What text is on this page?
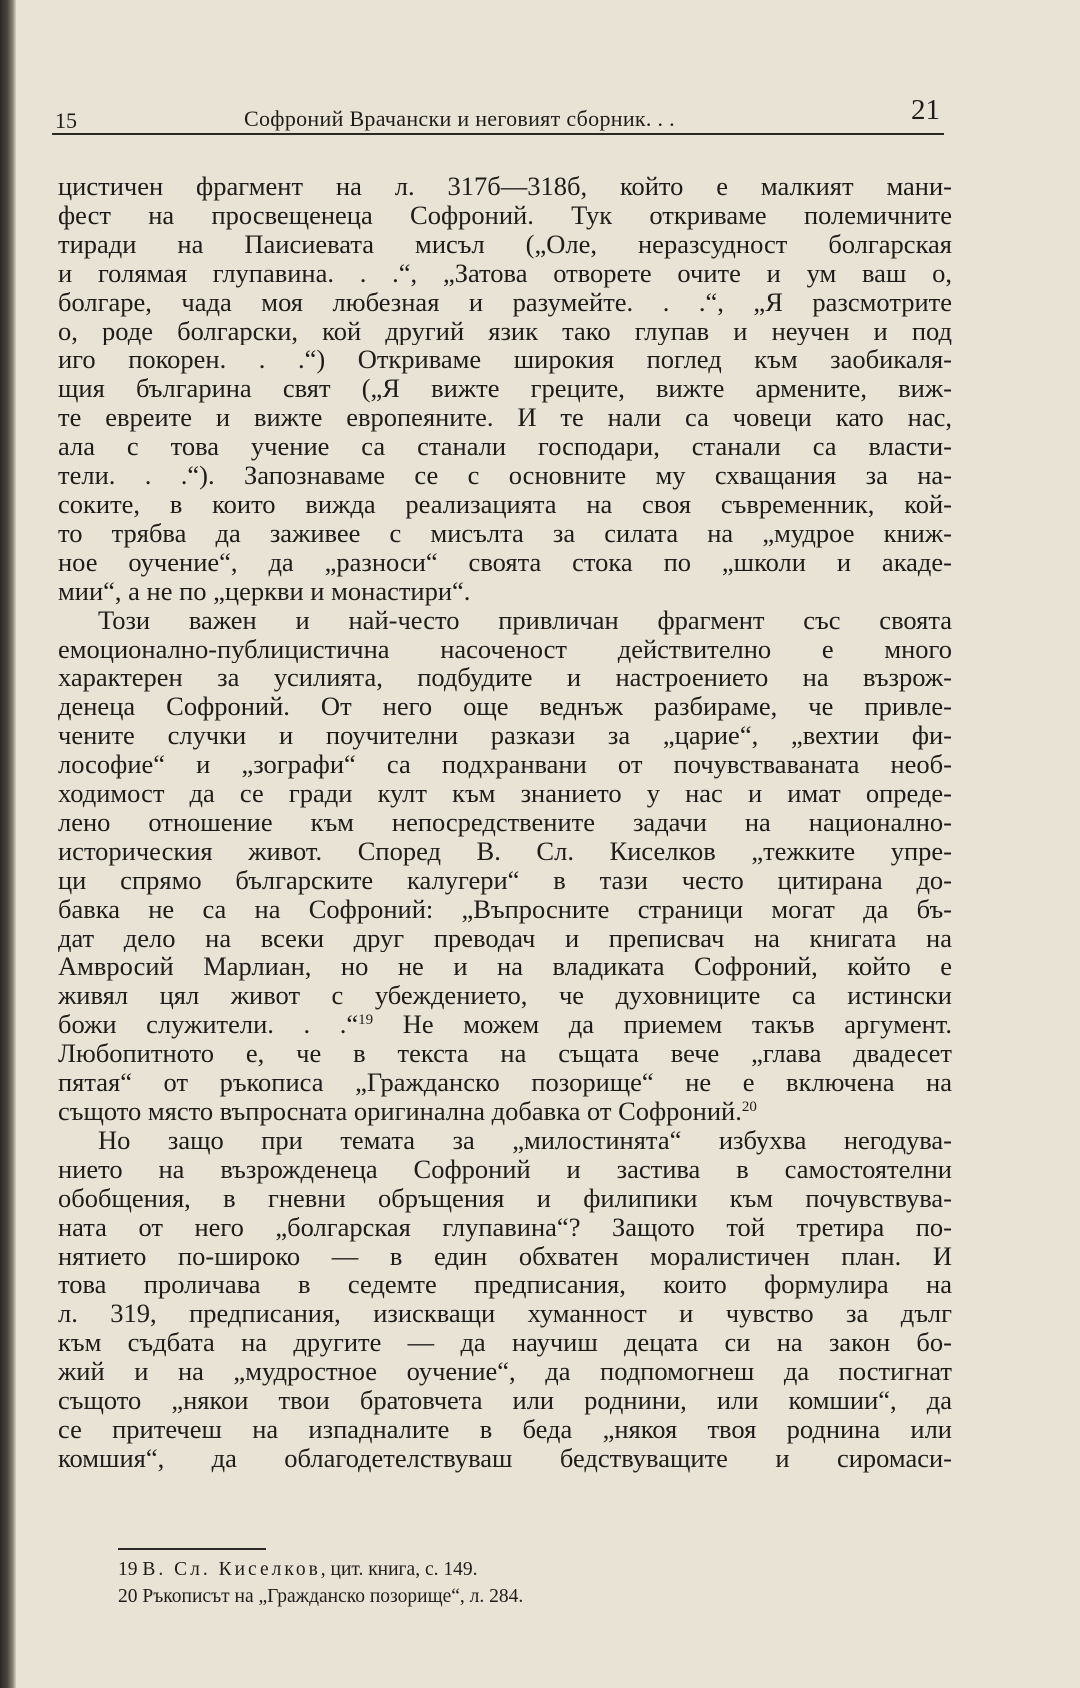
15	Софроний Врачански и неговият сборник. . .	21
цистичен фрагмент на л. 317б—318б, който е малкият мани-
фест на просвещенеца Софроний. Тук откриваме полемичните
тиради на Паисиевата мисъл („Оле, неразсудност болгарская
и голямая глупавина. . .“, „Затова отворете очите и ум ваш о,
болгаре, чада моя любезная и разумейте. . .“, „Я разсмотрите
о, роде болгарски, кой другий язик тако глупав и неучен и под
иго покорен. . .“) Откриваме широкия поглед към заобикаля-
щия българина свят („Я вижте греците, вижте армените, виж-
те евреите и вижте европеяните. И те нали са човеци като нас,
ала с това учение са станали господари, станали са власти-
тели. . .“). Запознаваме се с основните му схващания за на-
соките, в които вижда реализацията на своя съвременник, кой-
то трябва да заживее с мисълта за силата на „мудрое книж-
ное оучение“, да „разноси“ своята стока по „школи и акаде-
мии“, а не по „церкви и монастири“.
Този важен и най-често привличан фрагмент със своята
емоционално-публицистична насоченост действително е много
характерен за усилията, подбудите и настроението на възрож-
денеца Софроний. От него още веднъж разбираме, че привле-
чените случки и поучителни разкази за „царие“, „вехтии фи-
лософие“ и „зографи“ са подхранвани от почувстваваната необ-
ходимост да се гради култ към знанието у нас и имат опреде-
лено отношение към непосредствените задачи на национално-
историческия живот. Според В. Сл. Киселков „тежките упре-
ци спрямо българските калугери“ в тази често цитирана до-
бавка не са на Софроний: „Въпросните страници могат да бъ-
дат дело на всеки друг преводач и преписвач на книгата на
Амвросий Марлиан, но не и на владиката Софроний, който е
живял цял живот с убеждението, че духовниците са истински
божи служители. . .“$^{19}$ Не можем да приемем такъв аргумент.
Любопитното е, че в текста на същата вече „глава двадесет
пятая“ от ръкописа „Гражданско позорище“ не е включена на
същото място въпросната оригинална добавка от Софроний.$^{20}$
Но защо при темата за „милостинята“ избухва негодува-
нието на възрожденеца Софроний и застива в самостоятелни
обобщения, в гневни обръщения и филипики към почувствува-
ната от него „болгарская глупавина“? Защото той третира по-
нятието по-широко — в един обхватен моралистичен план. И
това проличава в седемте предписания, които формулира на
л. 319, предписания, изискващи хуманност и чувство за дълг
към съдбата на другите — да научиш децата си на закон бо-
жий и на „мудростное оучение“, да подпомогнеш да постигнат
същото „някои твои братовчета или роднини, или комшии“, да
се притечеш на изпадналите в беда „някоя твоя роднина или
комшия“, да облагодетелствуваш бедствуващите и сиромаси-
19 В. Сл. Киселков, цит. книга, с. 149.
20 Ръкописът на „Гражданско позорище“, л. 284.
